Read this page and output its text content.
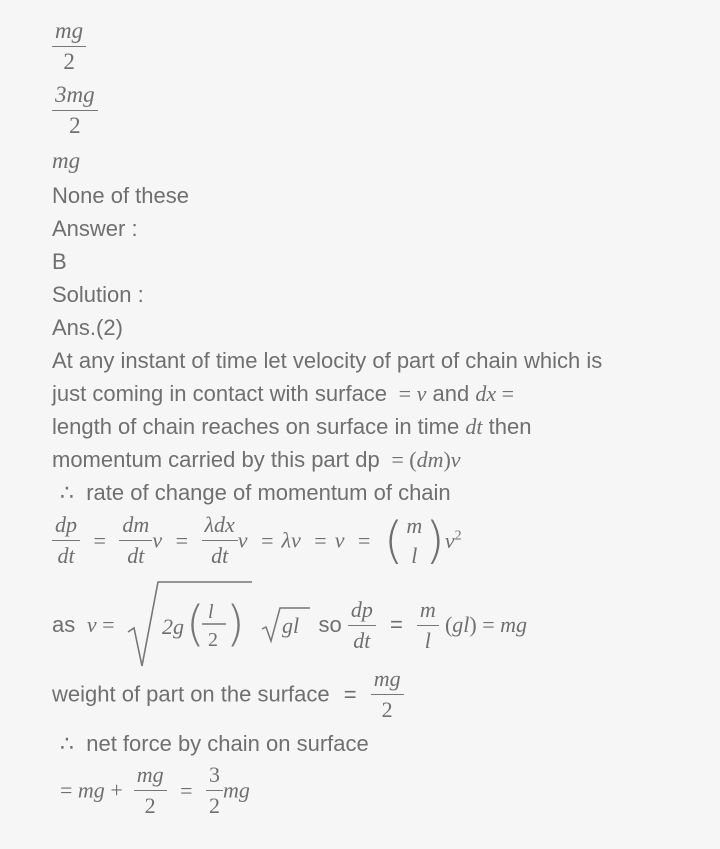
$\frac{mg}{2}$
$\frac{3mg}{2}$
mg
None of these
Answer :
B
Solution :
Ans.(2)
At any instant of time let velocity of part of chain which is
just coming in contact with surface  = v and dx =
length of chain reaches on surface in time dt then
momentum carried by this part dp  = (dm)v
∴  rate of change of momentum of chain
$\frac{dp}{dt} = \frac{dm}{dt}$ $v = \frac{\text{λdx}}{dt}$ v = λv = v = ( m
l )$v^2$
as  v = 2g ( l
2 )
gl so $\frac{dp}{dt} = \frac{m}{l} (gl)$ = mg
weight of part on the surface = $\frac{mg}{2}$
∴  net force by chain on surface
= mg + $\frac{mg}{2} = \frac{3}{2}$ mg
